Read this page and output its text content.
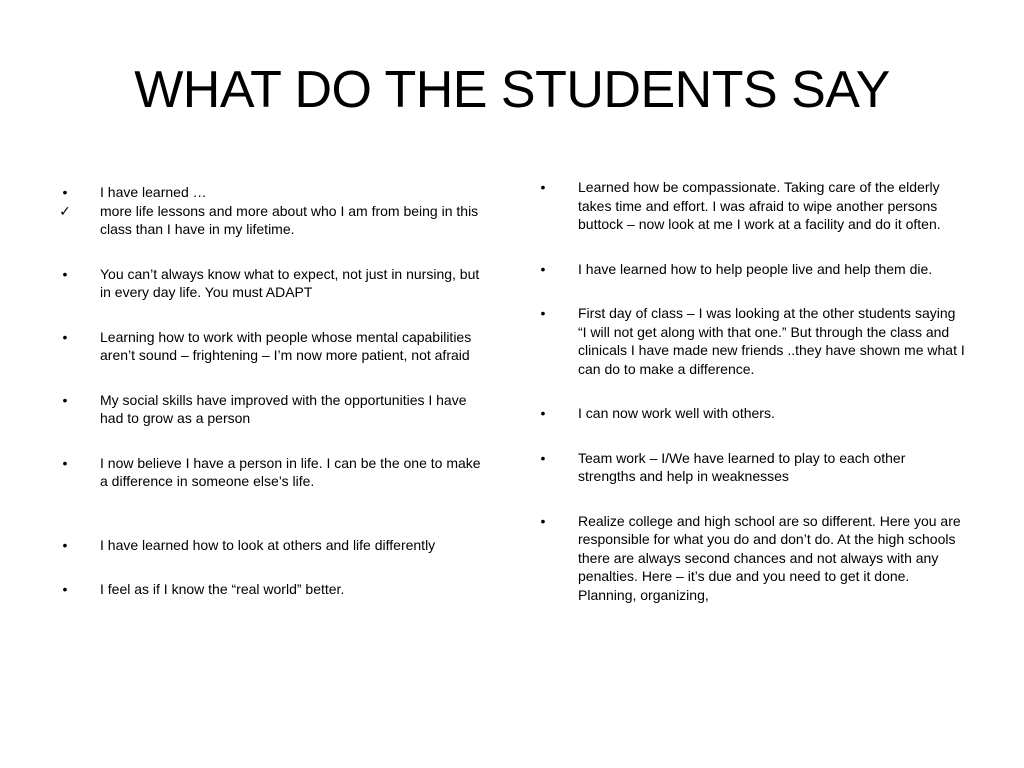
WHAT DO THE STUDENTS SAY
•	I have learned …
✓ more life lessons and more about who I am from being in this class than I have in my lifetime.
•	You can’t always know what to expect, not just in nursing, but in every day life. You must ADAPT
•	Learning how to work with people whose mental capabilities aren’t sound – frightening – I’m now more patient, not afraid
•	My social skills have improved with the opportunities I have had to grow as a person
•	I now believe I have a person in life. I can be the one to make a difference in someone else’s life.
•	I have learned how to look at others and life differently
•	I feel as if I know the “real world” better.
•	Learned how be compassionate. Taking care of the elderly takes time and effort. I was afraid to wipe another persons buttock – now look at me I work at a facility and do it often.
•	I have learned how to help people live and help them die.
•	First day of class – I was looking at the other students saying “I will not get along with that one.” But through the class and clinicals I have made new friends ..they have shown me what I can do to make a difference.
•	I can now work well with others.
•	Team work – I/We have learned to play to each other strengths and help in weaknesses
•	Realize college and high school are so different. Here you are responsible for what you do and don’t do. At the high schools there are always second chances and not always with any penalties. Here – it’s due and you need to get it done. Planning, organizing,
